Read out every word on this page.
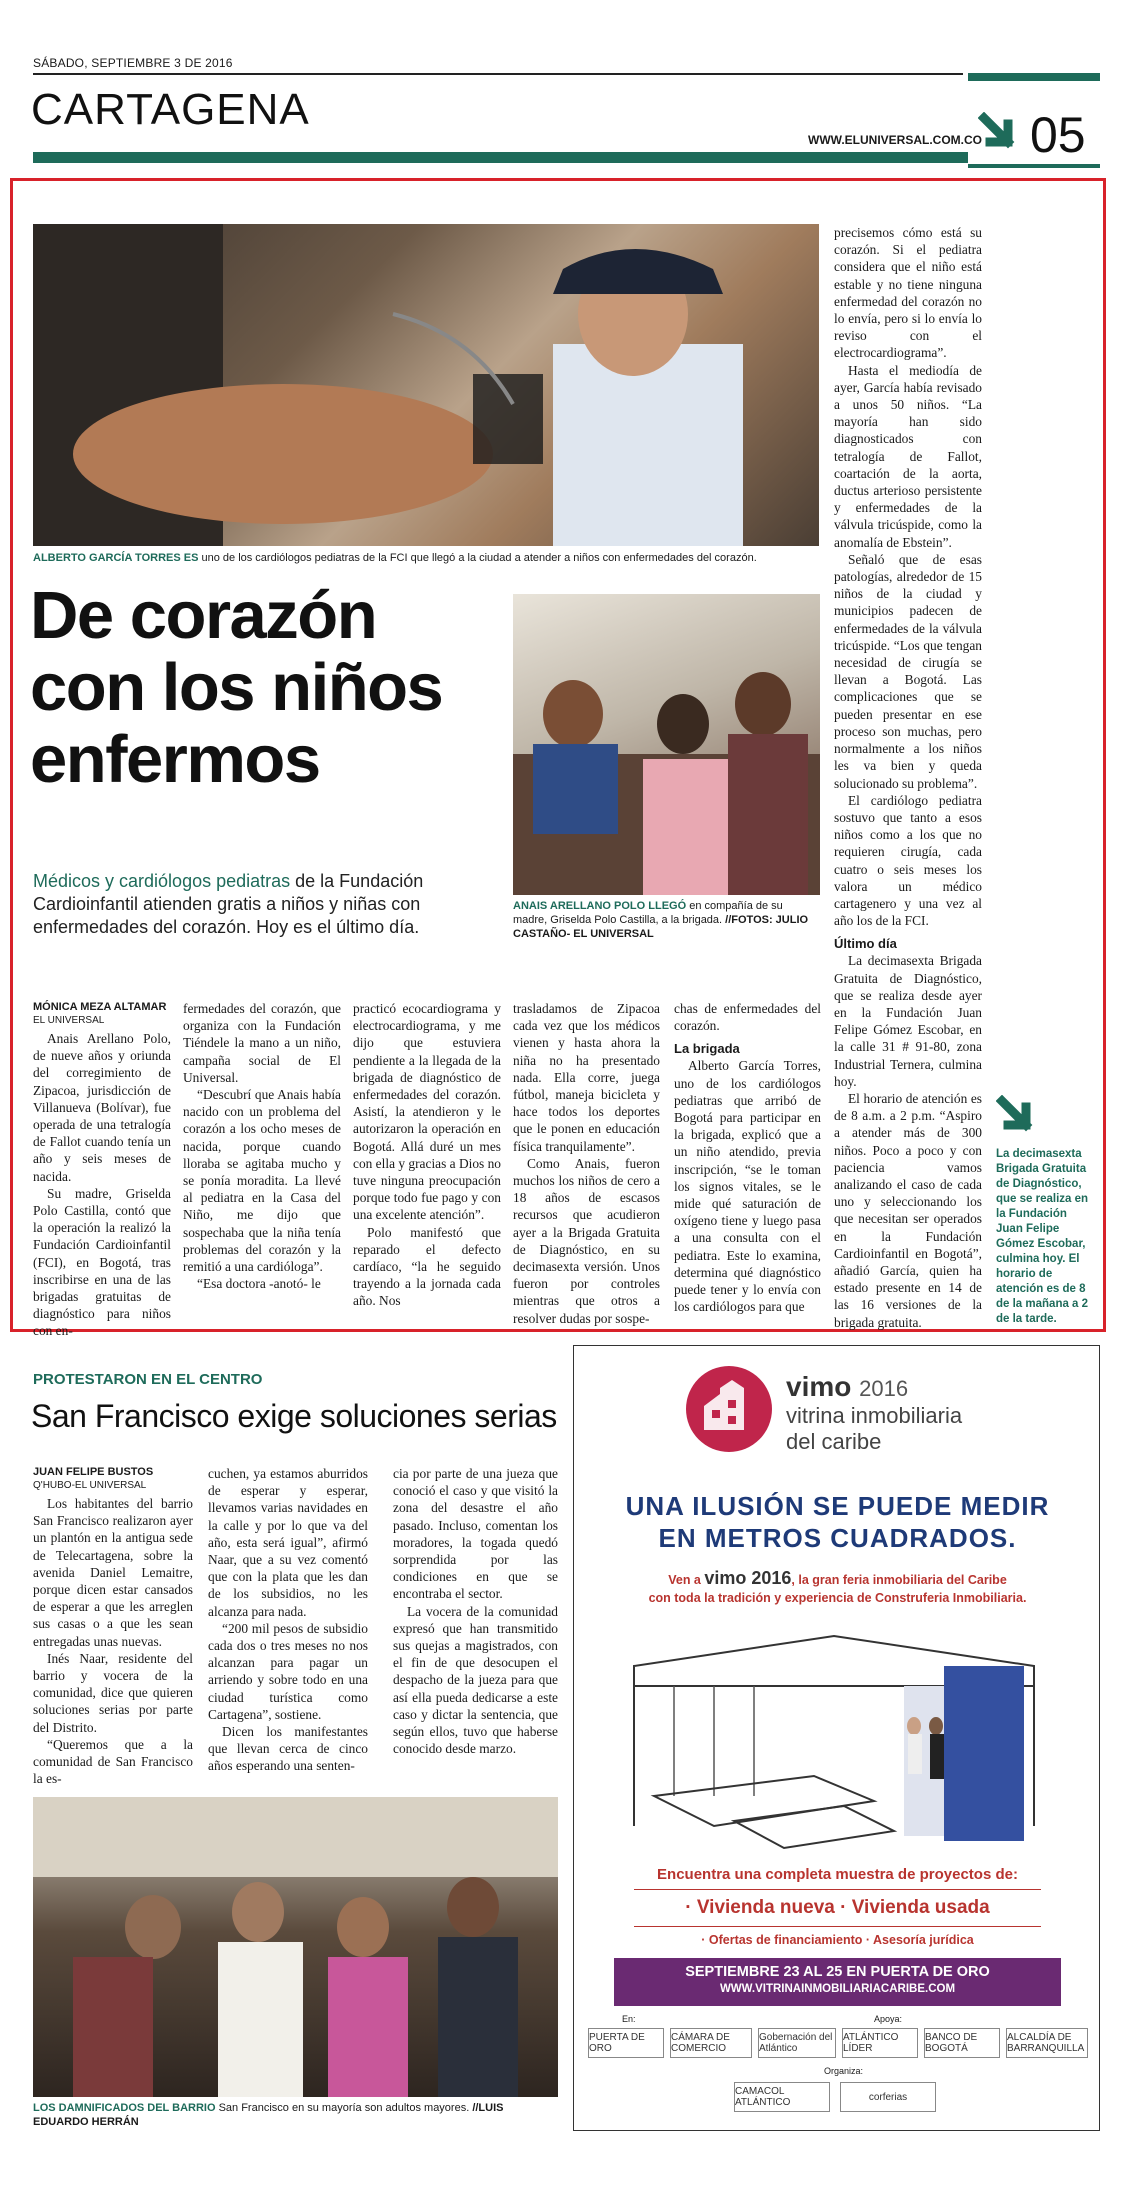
SÁBADO, SEPTIEMBRE 3 DE 2016
CARTAGENA
WWW.ELUNIVERSAL.COM.CO 05
ALBERTO GARCÍA TORRES ES uno de los cardiólogos pediatras de la FCI que llegó a la ciudad a atender a niños con enfermedades del corazón.
De corazón
con los niños
enfermos
Médicos y cardiólogos pediatras de la Fundación Cardioinfantil atienden gratis a niños y niñas con enfermedades del corazón. Hoy es el último día.
ANAIS ARELLANO POLO LLEGÓ en compañía de su madre, Griselda Polo Castilla, a la brigada. //FOTOS: JULIO CASTAÑO- EL UNIVERSAL
MÓNICA MEZA ALTAMAR
EL UNIVERSAL

Anais Arellano Polo, de nueve años y oriunda del corregimiento de Zipacoa, jurisdicción de Villanueva (Bolívar), fue operada de una tetralogía de Fallot cuando tenía un año y seis meses de nacida.

Su madre, Griselda Polo Castilla, contó que la operación la realizó la Fundación Cardioinfantil (FCI), en Bogotá, tras inscribirse en una de las brigadas gratuitas de diagnóstico para niños con en-

fermedades del corazón, que organiza con la Fundación Tiéndele la mano a un niño, campaña social de El Universal.

“Descubrí que Anais había nacido con un problema del corazón a los ocho meses de nacida, porque cuando lloraba se agitaba mucho y se ponía moradita. La llevé al pediatra en la Casa del Niño, me dijo que sospechaba que la niña tenía problemas del corazón y la remitió a una cardióloga”.

“Esa doctora -anotó- le

practicó ecocardiograma y electrocardiograma, y me dijo que estuviera pendiente a la llegada de la brigada de diagnóstico de enfermedades del corazón. Asistí, la atendieron y le autorizaron la operación en Bogotá. Allá duré un mes con ella y gracias a Dios no tuve ninguna preocupación porque todo fue pago y con una excelente atención”.

Polo manifestó que reparado el defecto cardíaco, “la he seguido trayendo a la jornada cada año. Nos

trasladamos de Zipacoa cada vez que los médicos vienen y hasta ahora la niña no ha presentado nada. Ella corre, juega fútbol, maneja bicicleta y hace todos los deportes que le ponen en educación física tranquilamente”.

Como Anais, fueron muchos los niños de cero a 18 años de escasos recursos que acudieron ayer a la Brigada Gratuita de Diagnóstico, en su decimasexta versión. Unos fueron por controles mientras que otros a resolver dudas por sospe-

chas de enfermedades del corazón.

La brigada

Alberto García Torres, uno de los cardiólogos pediatras que arribó de Bogotá para participar en la brigada, explicó que a un niño atendido, previa inscripción, “se le toman los signos vitales, se le mide qué saturación de oxígeno tiene y luego pasa a una consulta con el pediatra. Este lo examina, determina qué diagnóstico puede tener y lo envía con los cardiólogos para que

precisemos cómo está su corazón. Si el pediatra considera que el niño está estable y no tiene ninguna enfermedad del corazón no lo envía, pero si lo envía lo reviso con el electrocardiograma”.

Hasta el mediodía de ayer, García había revisado a unos 50 niños. “La mayoría han sido diagnosticados con tetralogía de Fallot, coartación de la aorta, ductus arterioso persistente y enfermedades de la válvula tricúspide, como la anomalía de Ebstein”.

Señaló que de esas patologías, alrededor de 15 niños de la ciudad y municipios padecen de enfermedades de la válvula tricúspide. “Los que tengan necesidad de cirugía se llevan a Bogotá. Las complicaciones que se pueden presentar en ese proceso son muchas, pero normalmente a los niños les va bien y queda solucionado su problema”.

El cardiólogo pediatra sostuvo que tanto a esos niños como a los que no requieren cirugía, cada cuatro o seis meses los valora un médico cartagenero y una vez al año los de la FCI.

Último día

La decimasexta Brigada Gratuita de Diagnóstico, que se realiza desde ayer en la Fundación Juan Felipe Gómez Escobar, en la calle 31 # 91-80, zona Industrial Ternera, culmina hoy.

El horario de atención es de 8 a.m. a 2 p.m. “Aspiro a atender más de 300 niños. Poco a poco y con paciencia vamos analizando el caso de cada uno y seleccionando los que necesitan ser operados en la Fundación Cardioinfantil en Bogotá”, añadió García, quien ha estado presente en 14 de las 16 versiones de la brigada gratuita.

La decimasexta Brigada Gratuita de Diagnóstico, que se realiza en la Fundación Juan Felipe Gómez Escobar, culmina hoy. El horario de atención es de 8 de la mañana a 2 de la tarde.
PROTESTARON EN EL CENTRO
San Francisco exige soluciones serias
JUAN FELIPE BUSTOS
Q'HUBO-EL UNIVERSAL

Los habitantes del barrio San Francisco realizaron ayer un plantón en la antigua sede de Telecartagena, sobre la avenida Daniel Lemaitre, porque dicen estar cansados de esperar a que les arreglen sus casas o a que les sean entregadas unas nuevas.

Inés Naar, residente del barrio y vocera de la comunidad, dice que quieren soluciones serias por parte del Distrito.

“Queremos que a la comunidad de San Francisco la es-

cuchen, ya estamos aburridos de esperar y esperar, llevamos varias navidades en la calle y por lo que va del año, esta será igual”, afirmó Naar, que a su vez comentó que con la plata que les dan de los subsidios, no les alcanza para nada.

“200 mil pesos de subsidio cada dos o tres meses no nos alcanzan para pagar un arriendo y sobre todo en una ciudad turística como Cartagena”, sostiene.

Dicen los manifestantes que llevan cerca de cinco años esperando una senten-

cia por parte de una jueza que conoció el caso y que visitó la zona del desastre el año pasado. Incluso, comentan los moradores, la togada quedó sorprendida por las condiciones en que se encontraba el sector.

La vocera de la comunidad expresó que han transmitido sus quejas a magistrados, con el fin de que desocupen el despacho de la jueza para que así ella pueda dedicarse a este caso y dictar la sentencia, que según ellos, tuvo que haberse conocido desde marzo.

LOS DAMNIFICADOS DEL BARRIO San Francisco en su mayoría son adultos mayores. //LUIS EDUARDO HERRÁN
vimo 2016
vitrina inmobiliaria
del caribe
UNA ILUSIÓN SE PUEDE MEDIR
EN METROS CUADRADOS.
Ven a vimo 2016, la gran feria inmobiliaria del Caribe
con toda la tradición y experiencia de Construferia Inmobiliaria.
Encuentra una completa muestra de proyectos de:
· Vivienda nueva · Vivienda usada
· Ofertas de financiamiento · Asesoría jurídica
SEPTIEMBRE 23 AL 25 EN PUERTA DE ORO
WWW.VITRINAINMOBILIARIACARIBE.COM
En:	Apoya:
PUERTA DE ORO
CÁMARA DE COMERCIO
Gobernación del Atlántico
ATLÁNTICO LÍDER
BANCO DE BOGOTÁ
ALCALDÍA DE BARRANQUILLA
Organiza:
CAMACOL ATLÁNTICO	corferias
